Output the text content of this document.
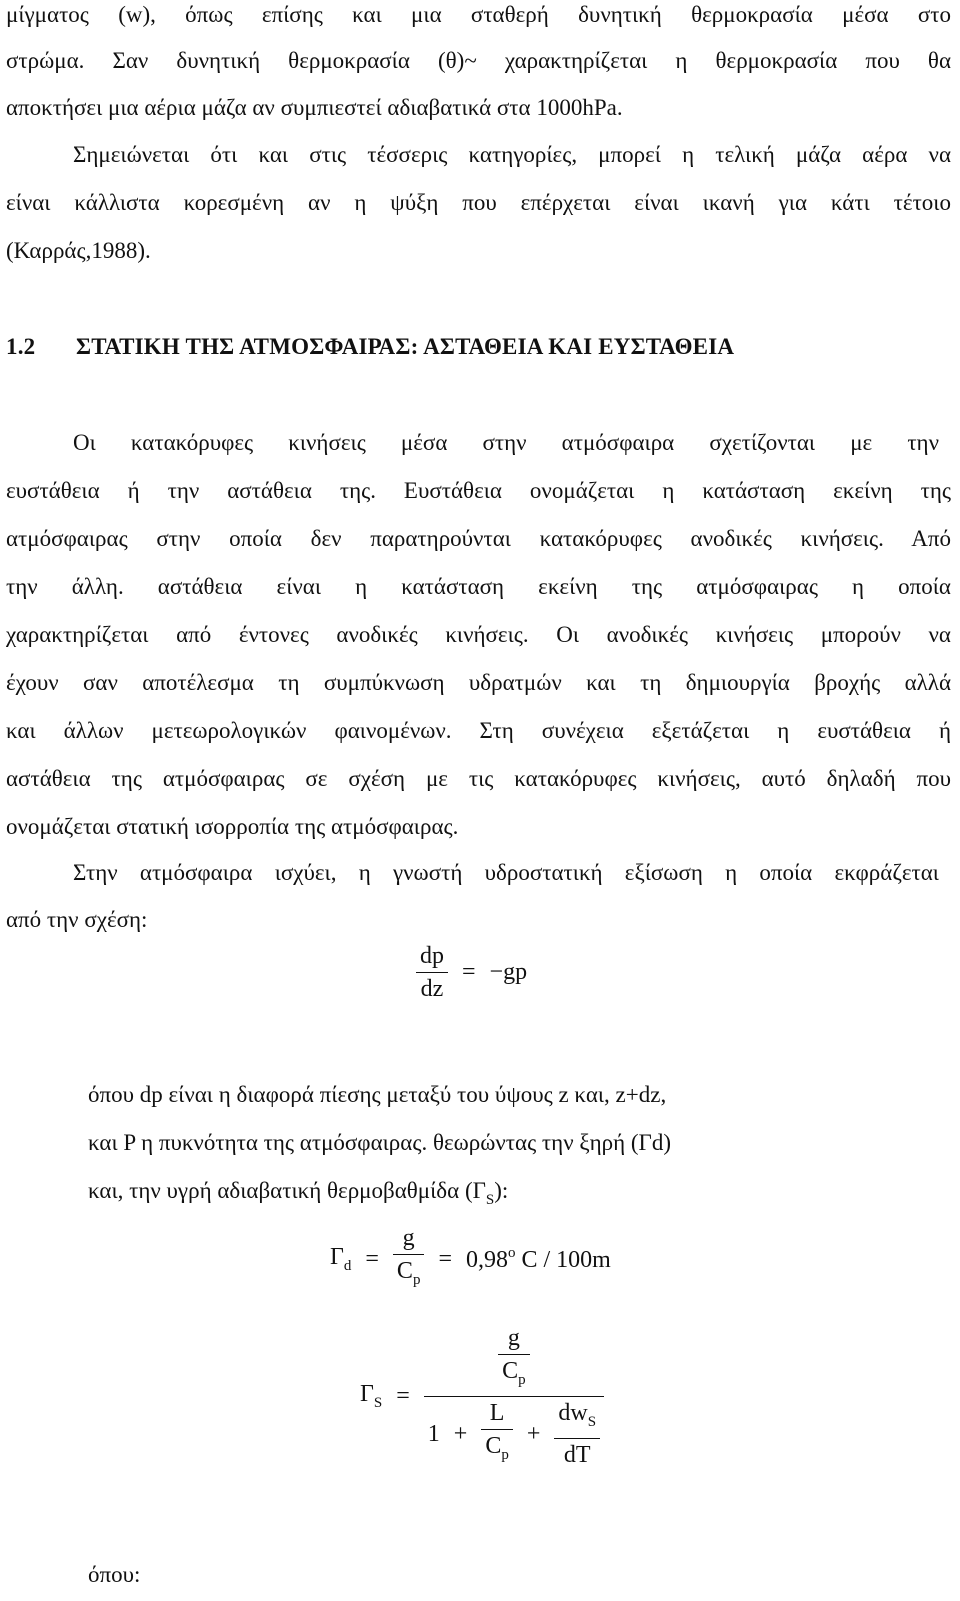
μίγματος (w), όπως επίσης και μια σταθερή δυνητική θερμοκρασία μέσα στο
στρώμα. Σαν δυνητική θερμοκρασία (θ)~ χαρακτηρίζεται η θερμοκρασία που θα
αποκτήσει μια αέρια μάζα αν συμπιεστεί αδιαβατικά στα 1000hPa.
Σημειώνεται ότι και στις τέσσερις κατηγορίες, μπορεί η τελική μάζα αέρα να
είναι κάλλιστα κορεσμένη αν η ψύξη που επέρχεται είναι ικανή για κάτι τέτοιο
(Καρράς,1988).
1.2 ΣΤΑΤΙΚΗ ΤΗΣ ΑΤΜΟΣΦΑΙΡΑΣ: ΑΣΤΑΘΕΙΑ ΚΑΙ ΕΥΣΤΑΘΕΙΑ
Οι κατακόρυφες κινήσεις μέσα στην ατμόσφαιρα σχετίζονται με την
ευστάθεια ή την αστάθεια της. Ευστάθεια ονομάζεται η κατάσταση εκείνη της
ατμόσφαιρας στην οποία δεν παρατηρούνται κατακόρυφες ανοδικές κινήσεις. Από
την άλλη. αστάθεια είναι η κατάσταση εκείνη της ατμόσφαιρας η οποία
χαρακτηρίζεται από έντονες ανοδικές κινήσεις. Οι ανοδικές κινήσεις μπορούν να
έχουν σαν αποτέλεσμα τη συμπύκνωση υδρατμών και τη δημιουργία βροχής αλλά
και άλλων μετεωρολογικών φαινομένων. Στη συνέχεια εξετάζεται η ευστάθεια ή
αστάθεια της ατμόσφαιρας σε σχέση με τις κατακόρυφες κινήσεις, αυτό δηλαδή που
ονομάζεται στατική ισορροπία της ατμόσφαιρας.
Στην ατμόσφαιρα ισχύει, η γνωστή υδροστατική εξίσωση η οποία εκφράζεται
από την σχέση:
$\frac{dp}{dz} = -gp$
όπου dp είναι η διαφορά πίεσης μεταξύ του ύψους z και, z+dz,
και P η πυκνότητα της ατμόσφαιρας. θεωρώντας την ξηρή (Γd)
και, την υγρή αδιαβατική θερμοβαθμίδα $(\Gamma_S)$:
$\Gamma_d = \frac{g}{C_p} = 0,98^o$ C / 100m
$\Gamma_S$ =	$\frac{g}{C_p}$
$1 + \frac{L}{C_p} + \frac{dw_S}{dT}$
όπου:
